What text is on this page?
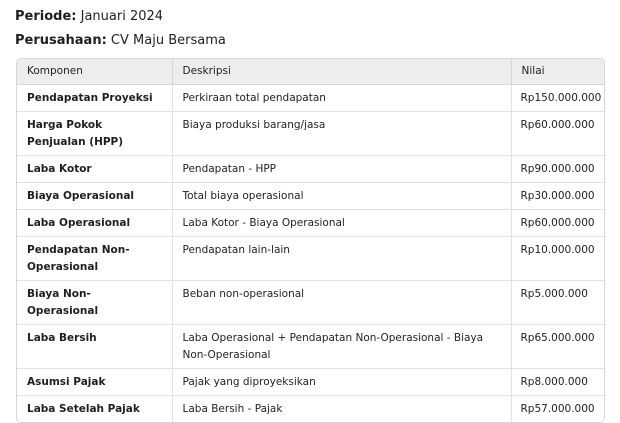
Periode: Januari 2024
Perusahaan: CV Maju Bersama
Komponen	Deskripsi	Nilai
Pendapatan Proyeksi	Perkiraan total pendapatan	Rp150.000.000
Harga Pokok Penjualan (HPP)	Biaya produksi barang/jasa	Rp60.000.000
Laba Kotor	Pendapatan - HPP	Rp90.000.000
Biaya Operasional	Total biaya operasional	Rp30.000.000
Laba Operasional	Laba Kotor - Biaya Operasional	Rp60.000.000
Pendapatan Non-Operasional	Pendapatan lain-lain	Rp10.000.000
Biaya Non-Operasional	Beban non-operasional	Rp5.000.000
Laba Bersih	Laba Operasional + Pendapatan Non-Operasional - Biaya Non-Operasional	Rp65.000.000
Asumsi Pajak	Pajak yang diproyeksikan	Rp8.000.000
Laba Setelah Pajak	Laba Bersih - Pajak	Rp57.000.000
